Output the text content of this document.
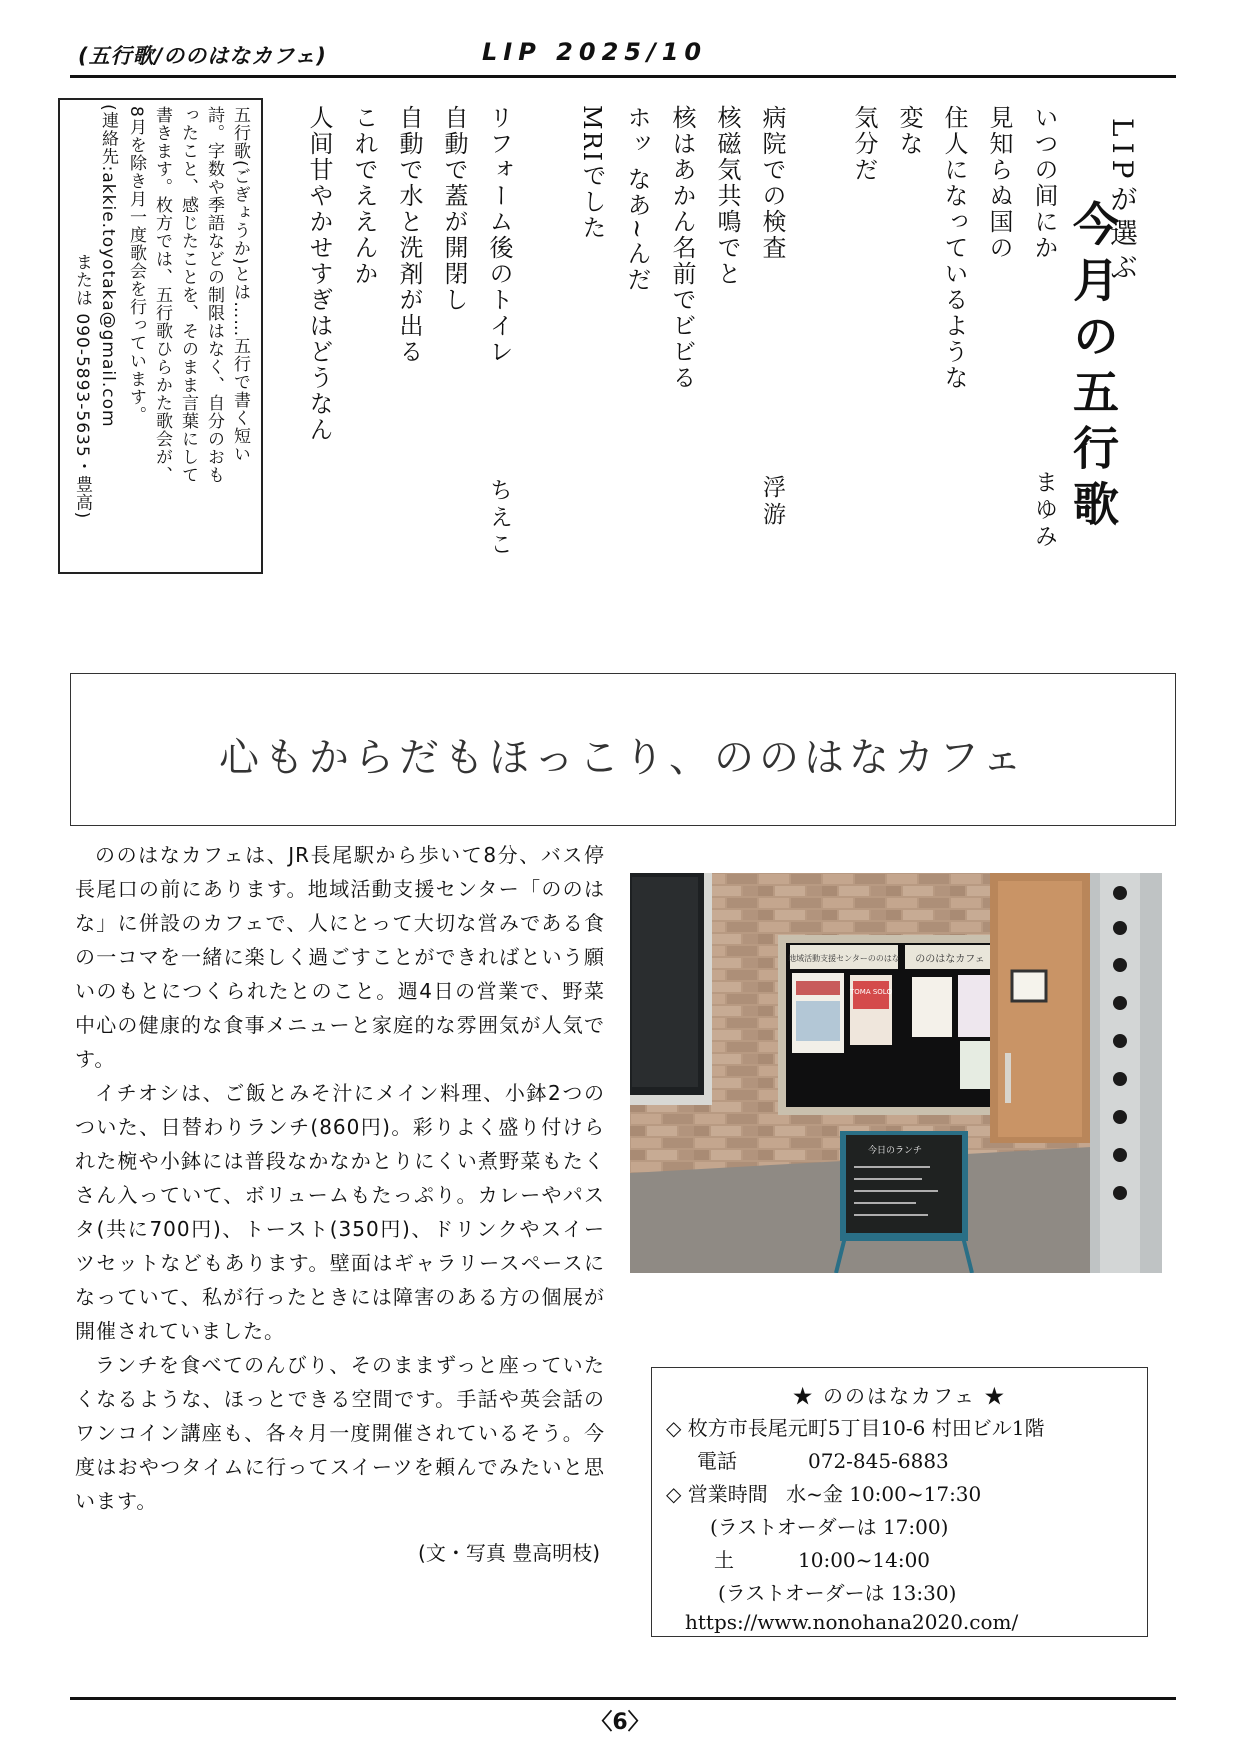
(五行歌/ののはなカフェ)	LIP 2025/10
LIPが選ぶ
今月の五行歌
いつの间にか
見知らぬ国の
住人になっているような
変な
気分だ
まゆみ
病院での検査
核磁気共鳴でと
核はあかん名前でビビる
ホッ なあ~んだ
MRIでした
浮游
リフォーム後のトイレ
自動で蓋が開閉し
自動で水と洗剤が出る
これでええんか
人间甘やかせすぎはどうなん
ちえこ
五行歌(ごぎょうか)とは……五行で書く短い
詩。字数や季語などの制限はなく、自分のおも
ったこと、感じたことを、そのまま言葉にして
書きます。枚方では、五行歌ひらかた歌会が、
8月を除き月一度歌会を行っています。
(連絡先:akkie.toyotaka@gmail.com
または 090-5893-5635・豊高)
心もからだもほっこり、ののはなカフェ

ののはなカフェは、JR長尾駅から歩いて8分、バス停長尾口の前にあります。地域活動支援センター「ののはな」に併設のカフェで、人にとって大切な営みである食の一コマを一緒に楽しく過ごすことができればという願いのもとにつくられたとのこと。週4日の営業で、野菜中心の健康的な食事メニューと家庭的な雰囲気が人気です。

イチオシは、ご飯とみそ汁にメイン料理、小鉢2つのついた、日替わりランチ(860円)。彩りよく盛り付けられた椀や小鉢には普段なかなかとりにくい煮野菜もたくさん入っていて、ボリュームもたっぷり。カレーやパスタ(共に700円)、トースト(350円)、ドリンクやスイーツセットなどもあります。壁面はギャラリースペースになっていて、私が行ったときには障害のある方の個展が開催されていました。

ランチを食べてのんびり、そのままずっと座っていたくなるような、ほっとできる空間です。手話や英会話のワンコイン講座も、各々月一度開催されているそう。今度はおやつタイムに行ってスイーツを頼んでみたいと思います。

(文・写真 豊高明枝)
地域活動支援センターののはな ののはなカフェ
TOMA SOLO
今日のランチ
★ ののはなカフェ ★
◇ 枚方市長尾元町5丁目10-6 村田ビル1階
電話	072-845-6883
◇ 営業時間 水~金 10:00~17:30
(ラストオーダーは 17:00)
土	10:00~14:00
(ラストオーダーは 13:30)
https://www.nonohana2020.com/
〈6〉
